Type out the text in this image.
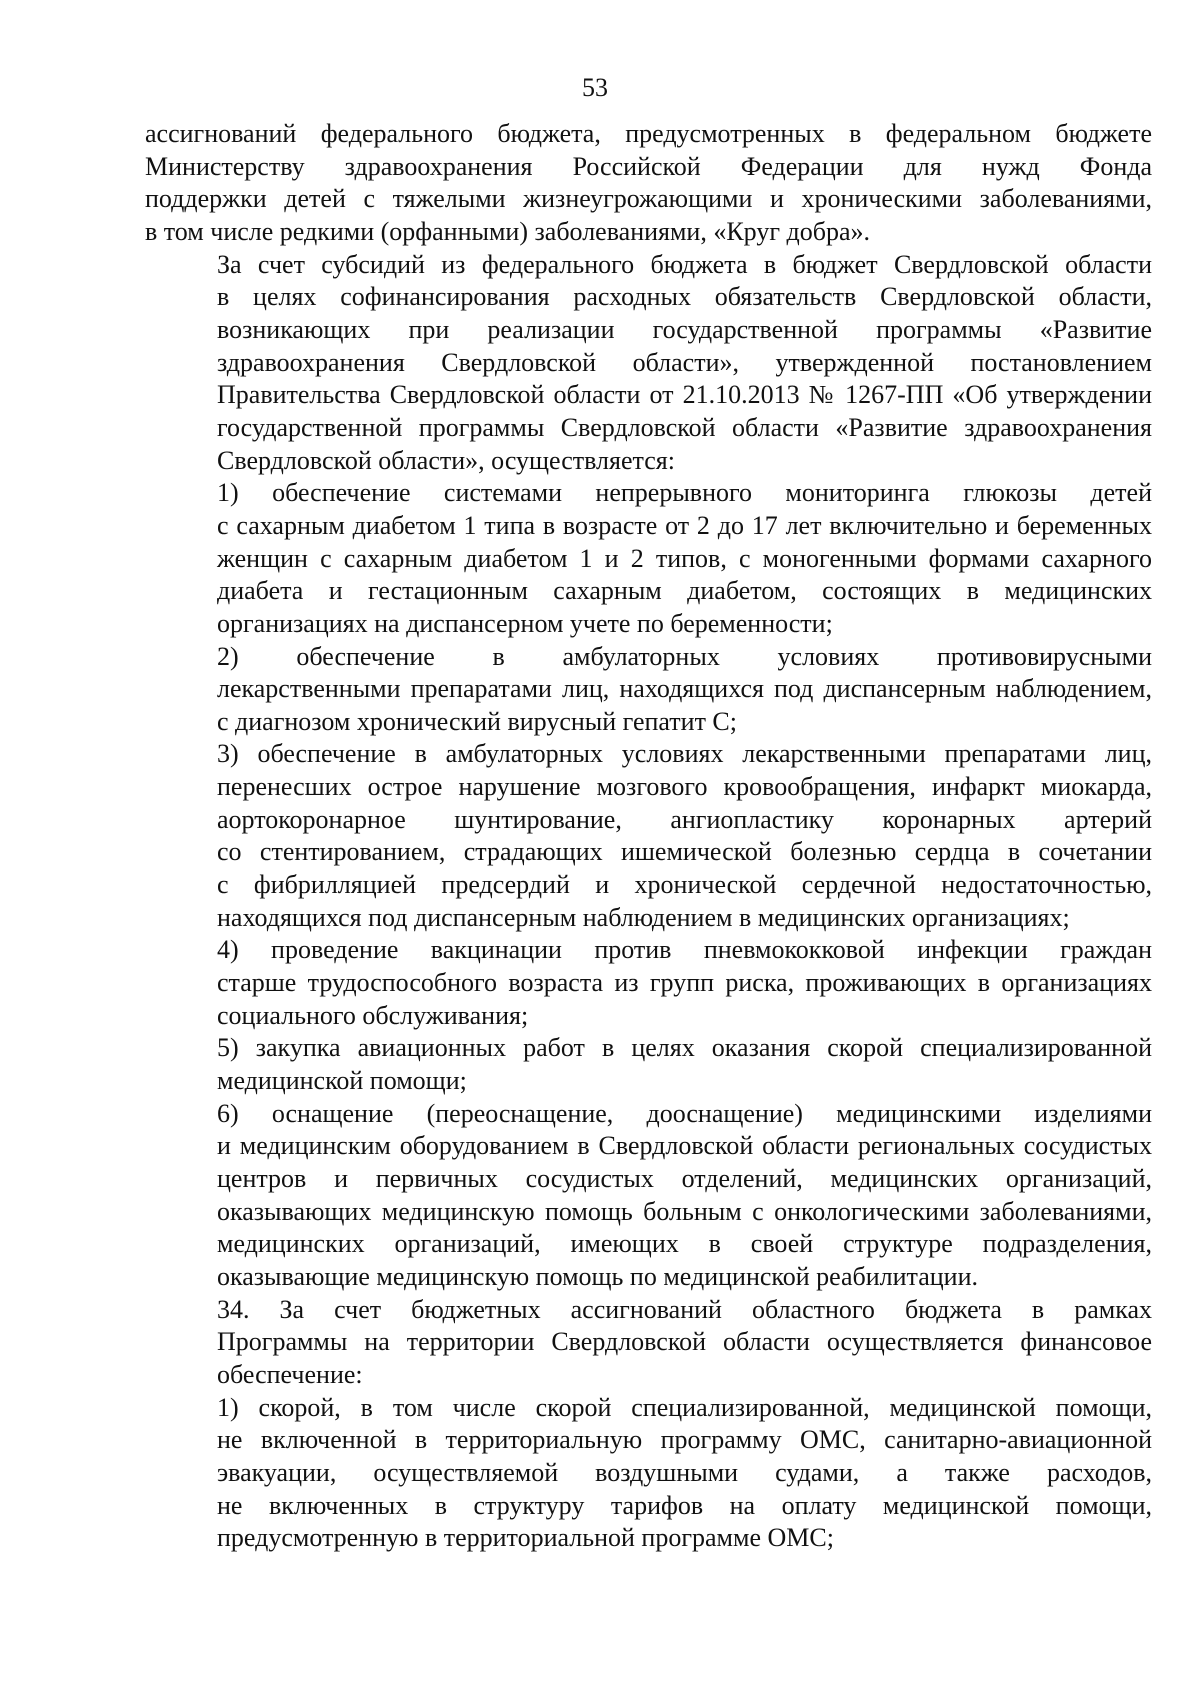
53
ассигнований федерального бюджета, предусмотренных в федеральном бюджете
Министерству здравоохранения Российской Федерации для нужд Фонда
поддержки детей с тяжелыми жизнеугрожающими и хроническими заболеваниями,
в том числе редкими (орфанными) заболеваниями, «Круг добра».
За счет субсидий из федерального бюджета в бюджет Свердловской области
в целях софинансирования расходных обязательств Свердловской области,
возникающих при реализации государственной программы «Развитие
здравоохранения Свердловской области», утвержденной постановлением
Правительства Свердловской области от 21.10.2013 № 1267-ПП «Об утверждении
государственной программы Свердловской области «Развитие здравоохранения
Свердловской области», осуществляется:
1) обеспечение системами непрерывного мониторинга глюкозы детей
с сахарным диабетом 1 типа в возрасте от 2 до 17 лет включительно и беременных
женщин с сахарным диабетом 1 и 2 типов, с моногенными формами сахарного
диабета и гестационным сахарным диабетом, состоящих в медицинских
организациях на диспансерном учете по беременности;
2) обеспечение в амбулаторных условиях противовирусными
лекарственными препаратами лиц, находящихся под диспансерным наблюдением,
с диагнозом хронический вирусный гепатит С;
3) обеспечение в амбулаторных условиях лекарственными препаратами лиц,
перенесших острое нарушение мозгового кровообращения, инфаркт миокарда,
аортокоронарное шунтирование, ангиопластику коронарных артерий
со стентированием, страдающих ишемической болезнью сердца в сочетании
с фибрилляцией предсердий и хронической сердечной недостаточностью,
находящихся под диспансерным наблюдением в медицинских организациях;
4) проведение вакцинации против пневмококковой инфекции граждан
старше трудоспособного возраста из групп риска, проживающих в организациях
социального обслуживания;
5) закупка авиационных работ в целях оказания скорой специализированной
медицинской помощи;
6) оснащение (переоснащение, дооснащение) медицинскими изделиями
и медицинским оборудованием в Свердловской области региональных сосудистых
центров и первичных сосудистых отделений, медицинских организаций,
оказывающих медицинскую помощь больным с онкологическими заболеваниями,
медицинских организаций, имеющих в своей структуре подразделения,
оказывающие медицинскую помощь по медицинской реабилитации.
34. За счет бюджетных ассигнований областного бюджета в рамках
Программы на территории Свердловской области осуществляется финансовое
обеспечение:
1) скорой, в том числе скорой специализированной, медицинской помощи,
не включенной в территориальную программу ОМС, санитарно-авиационной
эвакуации, осуществляемой воздушными судами, а также расходов,
не включенных в структуру тарифов на оплату медицинской помощи,
предусмотренную в территориальной программе ОМС;
